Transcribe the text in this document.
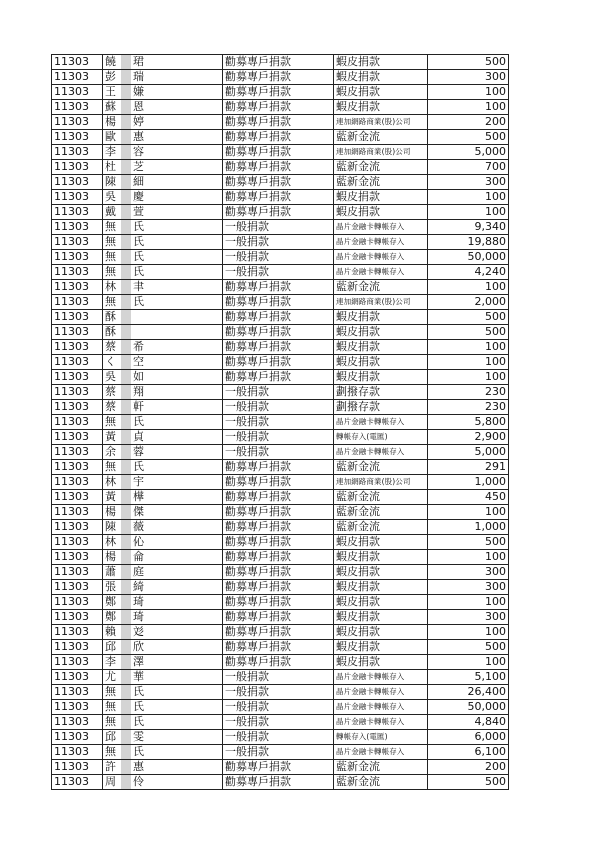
11303	饒 珺	勸募專戶捐款	蝦皮捐款	500
11303	彭 瑞	勸募專戶捐款	蝦皮捐款	300
11303	王 嫌	勸募專戶捐款	蝦皮捐款	100
11303	蘇 恩	勸募專戶捐款	蝦皮捐款	100
11303	楊 婷	勸募專戶捐款	連加網路商業(股)公司	200
11303	歐 惠	勸募專戶捐款	藍新金流	500
11303	李 容	勸募專戶捐款	連加網路商業(股)公司	5,000
11303	杜 芝	勸募專戶捐款	藍新金流	700
11303	陳 細	勸募專戶捐款	藍新金流	300
11303	吳 慶	勸募專戶捐款	蝦皮捐款	100
11303	戴 萱	勸募專戶捐款	蝦皮捐款	100
11303	無 氏	一般捐款	晶片金融卡轉帳存入	9,340
11303	無 氏	一般捐款	晶片金融卡轉帳存入	19,880
11303	無 氏	一般捐款	晶片金融卡轉帳存入	50,000
11303	無 氏	一般捐款	晶片金融卡轉帳存入	4,240
11303	林 聿	勸募專戶捐款	藍新金流	100
11303	無 氏	勸募專戶捐款	連加網路商業(股)公司	2,000
11303	酥	勸募專戶捐款	蝦皮捐款	500
11303	酥	勸募專戶捐款	蝦皮捐款	500
11303	蔡 希	勸募專戶捐款	蝦皮捐款	100
11303	く 空	勸募專戶捐款	蝦皮捐款	100
11303	吳 如	勸募專戶捐款	蝦皮捐款	100
11303	蔡 翔	一般捐款	劃撥存款	230
11303	蔡 軒	一般捐款	劃撥存款	230
11303	無 氏	一般捐款	晶片金融卡轉帳存入	5,800
11303	黃 貞	一般捐款	轉帳存入(電匯)	2,900
11303	余 蓉	一般捐款	晶片金融卡轉帳存入	5,000
11303	無 氏	勸募專戶捐款	藍新金流	291
11303	林 宇	勸募專戶捐款	連加網路商業(股)公司	1,000
11303	黃 樺	勸募專戶捐款	藍新金流	450
11303	楊 傑	勸募專戶捐款	藍新金流	100
11303	陳 薇	勸募專戶捐款	藍新金流	1,000
11303	林 伈	勸募專戶捐款	蝦皮捐款	500
11303	楊 侖	勸募專戶捐款	蝦皮捐款	100
11303	蕭 庭	勸募專戶捐款	蝦皮捐款	300
11303	張 綺	勸募專戶捐款	蝦皮捐款	300
11303	鄭 琦	勸募專戶捐款	蝦皮捐款	100
11303	鄭 琦	勸募專戶捐款	蝦皮捐款	300
11303	賴 彣	勸募專戶捐款	蝦皮捐款	100
11303	邱 欣	勸募專戶捐款	蝦皮捐款	500
11303	李 澤	勸募專戶捐款	蝦皮捐款	100
11303	尤 華	一般捐款	晶片金融卡轉帳存入	5,100
11303	無 氏	一般捐款	晶片金融卡轉帳存入	26,400
11303	無 氏	一般捐款	晶片金融卡轉帳存入	50,000
11303	無 氏	一般捐款	晶片金融卡轉帳存入	4,840
11303	邱 雯	一般捐款	轉帳存入(電匯)	6,000
11303	無 氏	一般捐款	晶片金融卡轉帳存入	6,100
11303	許 惠	勸募專戶捐款	藍新金流	200
11303	周 伶	勸募專戶捐款	藍新金流	500
